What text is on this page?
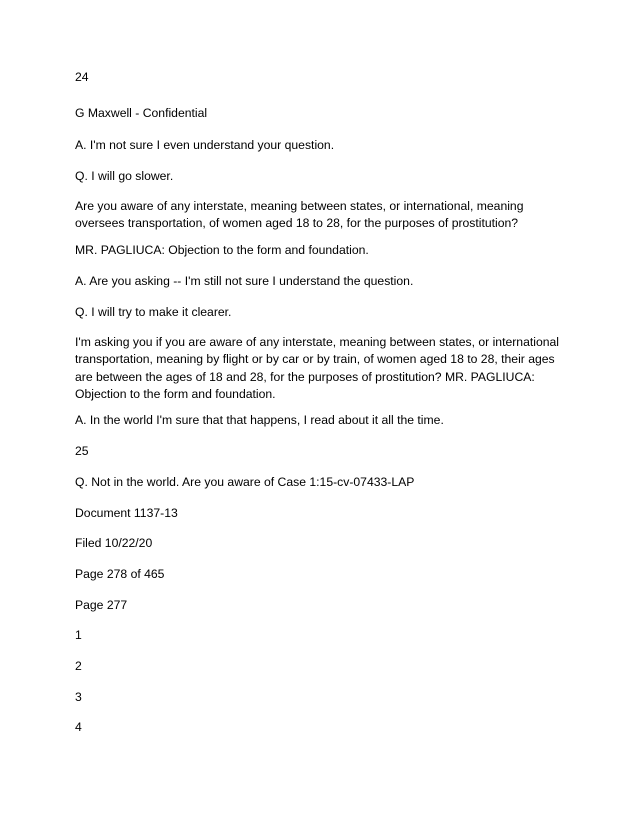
24

G Maxwell - Confidential

A. I'm not sure I even understand your question.

Q. I will go slower.

Are you aware of any interstate, meaning between states, or international, meaning oversees transportation, of women aged 18 to 28, for the purposes of prostitution?

MR. PAGLIUCA: Objection to the form and foundation.

A. Are you asking -- I'm still not sure I understand the question.

Q. I will try to make it clearer.

I'm asking you if you are aware of any interstate, meaning between states, or international transportation, meaning by flight or by car or by train, of women aged 18 to 28, their ages are between the ages of 18 and 28, for the purposes of prostitution? MR. PAGLIUCA: Objection to the form and foundation.

A. In the world I'm sure that that happens, I read about it all the time.

25

Q. Not in the world. Are you aware of Case 1:15-cv-07433-LAP

Document 1137-13

Filed 10/22/20

Page 278 of 465

Page 277

1

2

3

4
